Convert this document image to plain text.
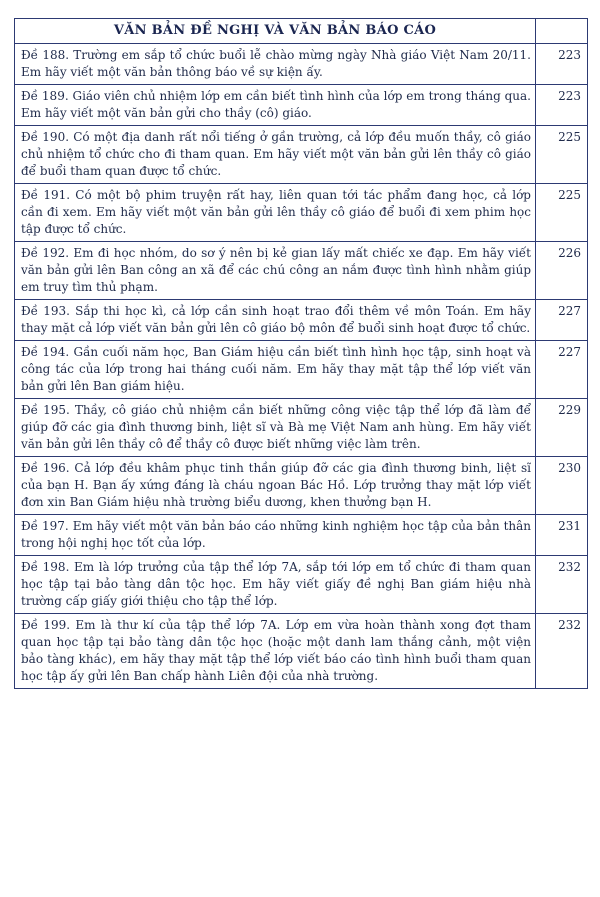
VĂN BẢN ĐỀ NGHỊ VÀ VĂN BẢN BÁO CÁO	
Đề 188. Trường em sắp tổ chức buổi lễ chào mừng ngày Nhà giáo Việt Nam 20/11. Em hãy viết một văn bản thông báo về sự kiện ấy.	223
Đề 189. Giáo viên chủ nhiệm lớp em cần biết tình hình của lớp em trong tháng qua. Em hãy viết một văn bản gửi cho thầy (cô) giáo.	223
Đề 190. Có một địa danh rất nổi tiếng ở gần trường, cả lớp đều muốn thầy, cô giáo chủ nhiệm tổ chức cho đi tham quan. Em hãy viết một văn bản gửi lên thầy cô giáo để buổi tham quan được tổ chức.	225
Đề 191. Có một bộ phim truyện rất hay, liên quan tới tác phẩm đang học, cả lớp cần đi xem. Em hãy viết một văn bản gửi lên thầy cô giáo để buổi đi xem phim học tập được tổ chức.	225
Đề 192. Em đi học nhóm, do sơ ý nên bị kẻ gian lấy mất chiếc xe đạp. Em hãy viết văn bản gửi lên Ban công an xã để các chú công an nắm được tình hình nhằm giúp em truy tìm thủ phạm.	226
Đề 193. Sắp thi học kì, cả lớp cần sinh hoạt trao đổi thêm về môn Toán. Em hãy thay mặt cả lớp viết văn bản gửi lên cô giáo bộ môn để buổi sinh hoạt được tổ chức.	227
Đề 194. Gần cuối năm học, Ban Giám hiệu cần biết tình hình học tập, sinh hoạt và công tác của lớp trong hai tháng cuối năm. Em hãy thay mặt tập thể lớp viết văn bản gửi lên Ban giám hiệu.	227
Đề 195. Thầy, cô giáo chủ nhiệm cần biết những công việc tập thể lớp đã làm để giúp đỡ các gia đình thương binh, liệt sĩ và Bà mẹ Việt Nam anh hùng. Em hãy viết văn bản gửi lên thầy cô để thầy cô được biết những việc làm trên.	229
Đề 196. Cả lớp đều khâm phục tinh thần giúp đỡ các gia đình thương binh, liệt sĩ của bạn H. Bạn ấy xứng đáng là cháu ngoan Bác Hồ. Lớp trưởng thay mặt lớp viết đơn xin Ban Giám hiệu nhà trường biểu dương, khen thưởng bạn H.	230
Đề 197. Em hãy viết một văn bản báo cáo những kinh nghiệm học tập của bản thân trong hội nghị học tốt của lớp.	231
Đề 198. Em là lớp trưởng của tập thể lớp 7A, sắp tới lớp em tổ chức đi tham quan học tập tại bảo tàng dân tộc học. Em hãy viết giấy đề nghị Ban giám hiệu nhà trường cấp giấy giới thiệu cho tập thể lớp.	232
Đề 199. Em là thư kí của tập thể lớp 7A. Lớp em vừa hoàn thành xong đợt tham quan học tập tại bảo tàng dân tộc học (hoặc một danh lam thắng cảnh, một viện bảo tàng khác), em hãy thay mặt tập thể lớp viết báo cáo tình hình buổi tham quan học tập ấy gửi lên Ban chấp hành Liên đội của nhà trường.	232
